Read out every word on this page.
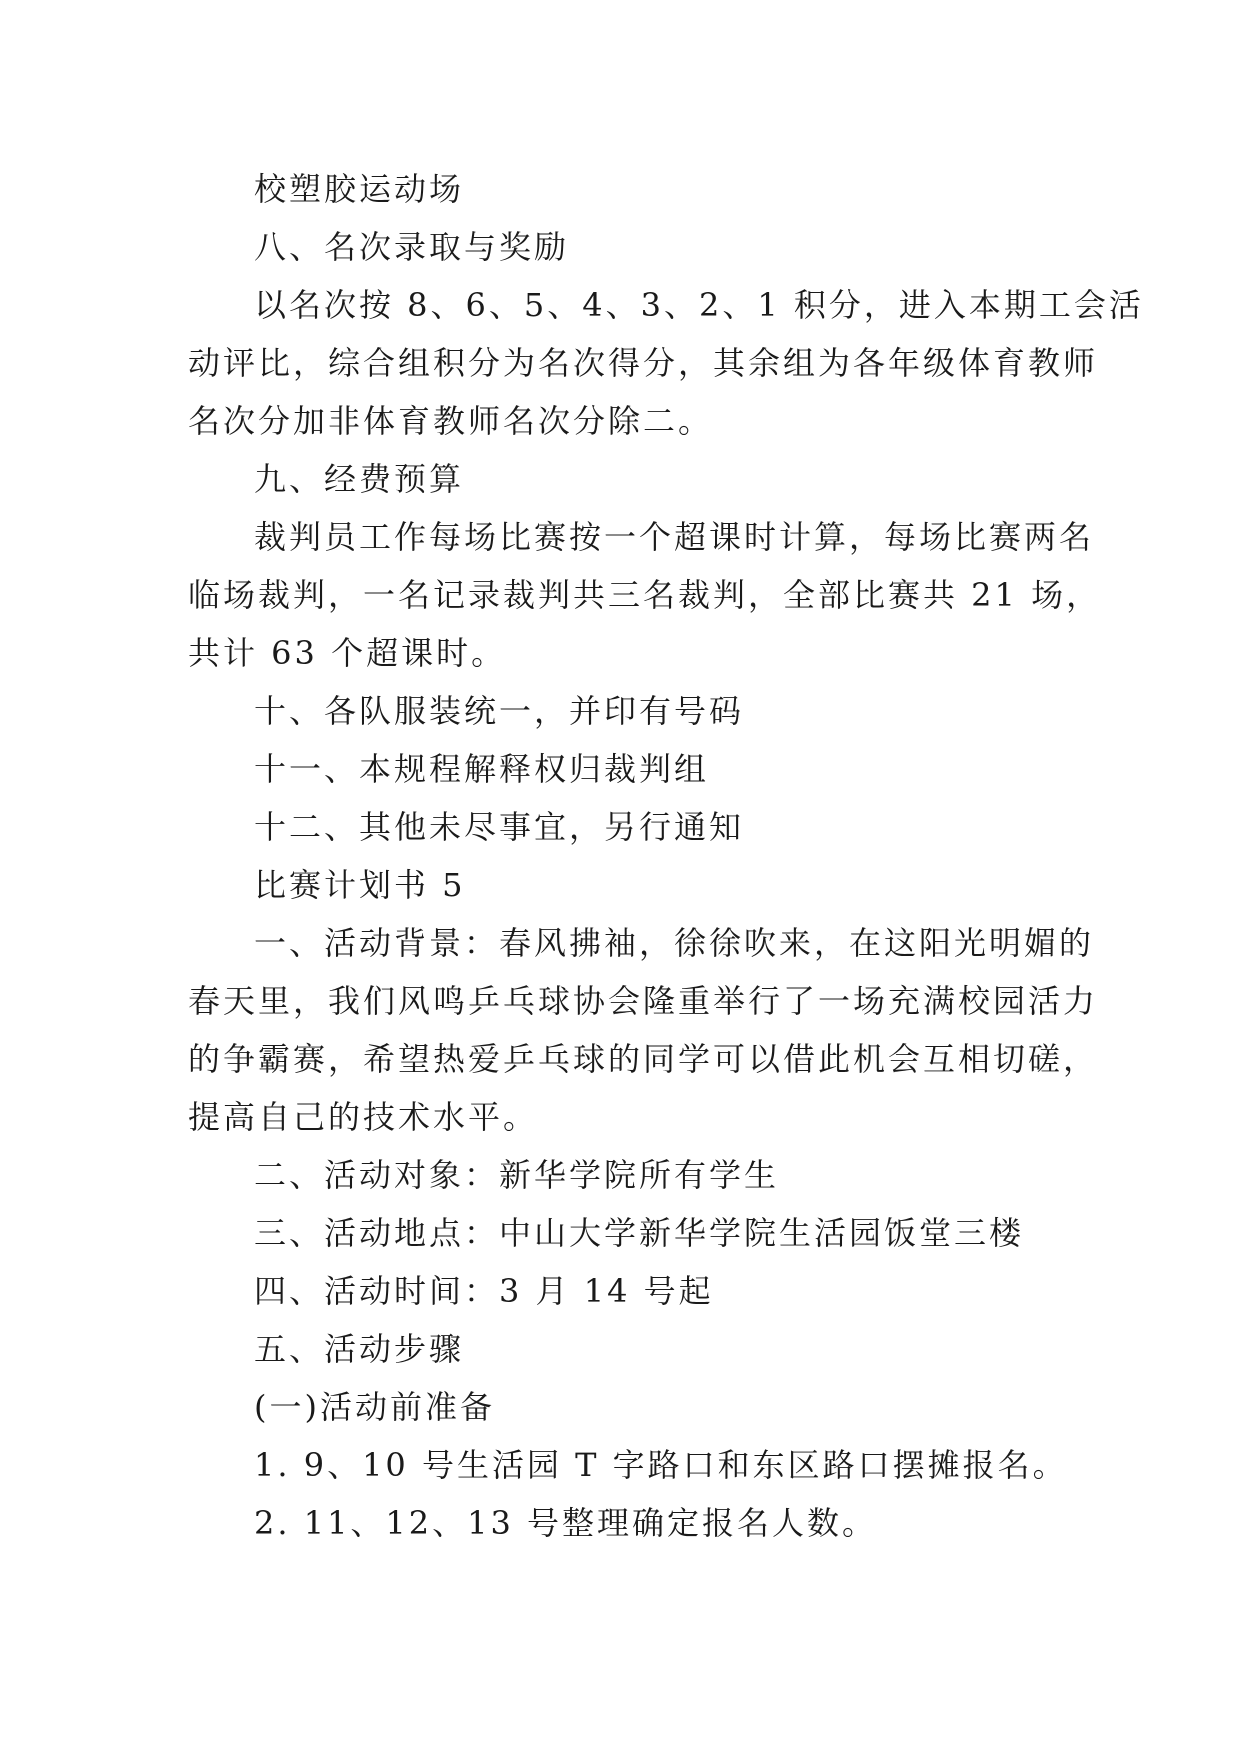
校塑胶运动场
八、名次录取与奖励
以名次按 8、6、5、4、3、2、1 积分，进入本期工会活
动评比，综合组积分为名次得分，其余组为各年级体育教师
名次分加非体育教师名次分除二。
九、经费预算
裁判员工作每场比赛按一个超课时计算，每场比赛两名
临场裁判，一名记录裁判共三名裁判，全部比赛共 21 场，
共计 63 个超课时。
十、各队服装统一，并印有号码
十一、本规程解释权归裁判组
十二、其他未尽事宜，另行通知
比赛计划书 5
一、活动背景：春风拂袖，徐徐吹来，在这阳光明媚的
春天里，我们风鸣乒乓球协会隆重举行了一场充满校园活力
的争霸赛，希望热爱乒乓球的同学可以借此机会互相切磋，
提高自己的技术水平。
二、活动对象：新华学院所有学生
三、活动地点：中山大学新华学院生活园饭堂三楼
四、活动时间：3 月 14 号起
五、活动步骤
(一)活动前准备
1. 9、10 号生活园 T 字路口和东区路口摆摊报名。
2. 11、12、13 号整理确定报名人数。
